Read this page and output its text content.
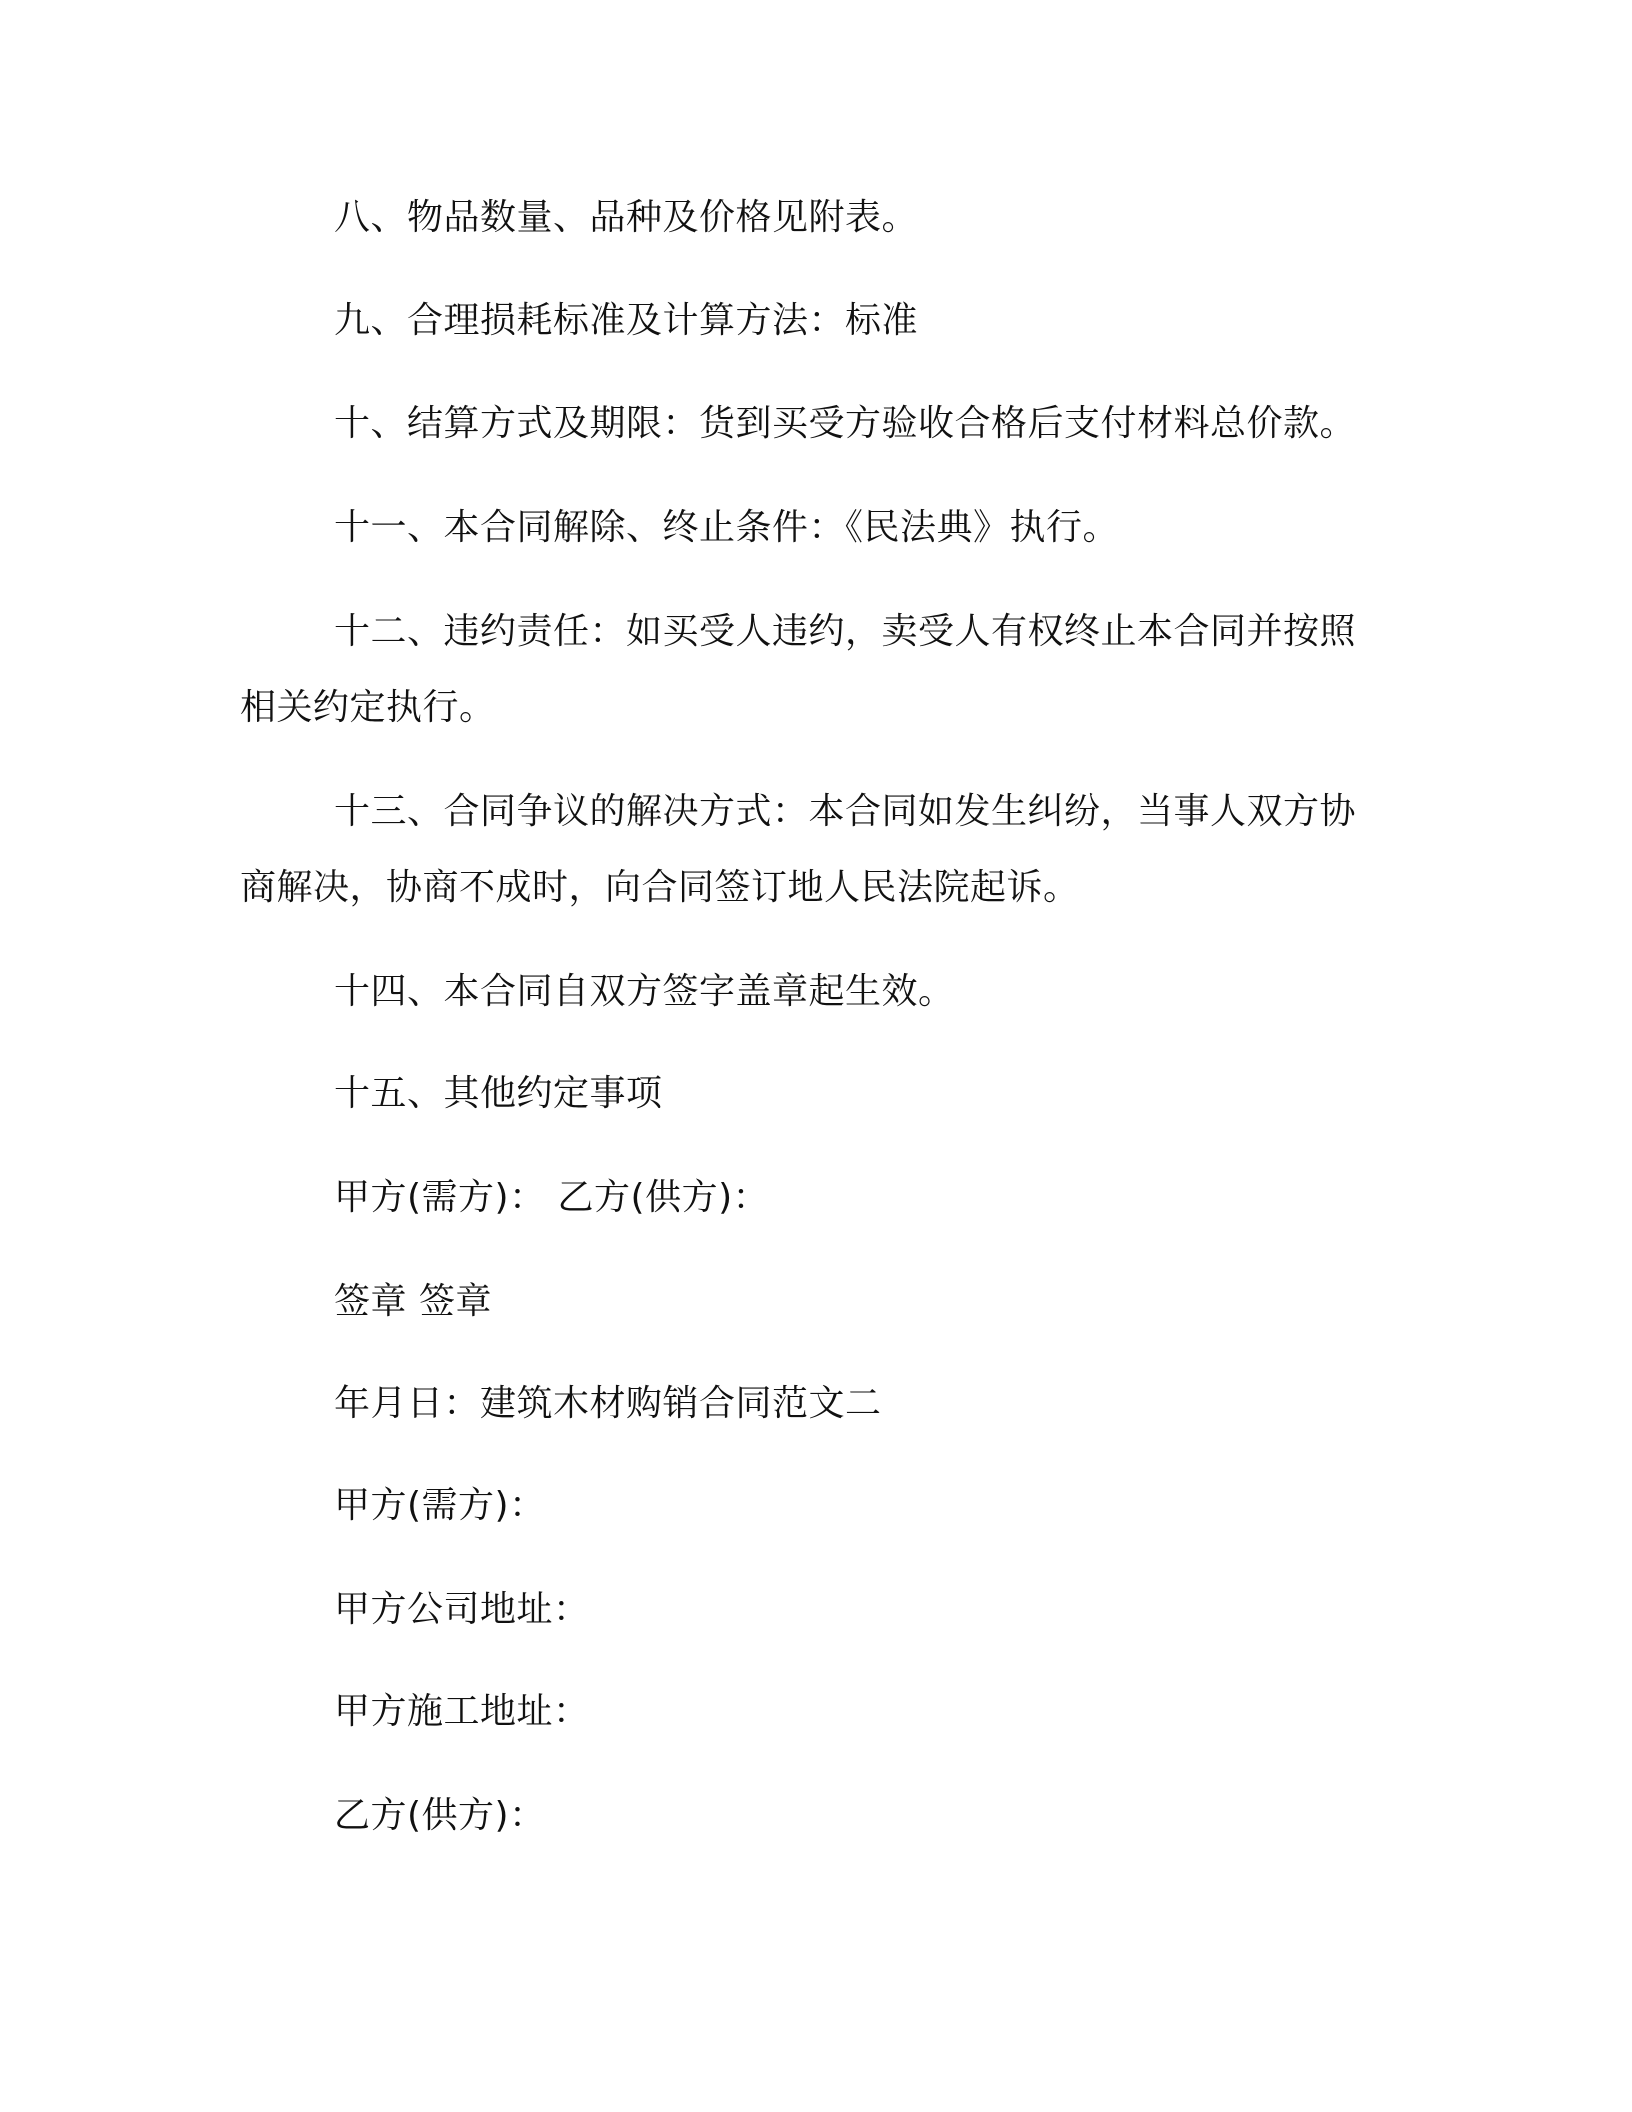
八、物品数量、品种及价格见附表。
九、合理损耗标准及计算方法：标准
十、结算方式及期限：货到买受方验收合格后支付材料总价款。
十一、本合同解除、终止条件：《民法典》执行。
十二、违约责任：如买受人违约，卖受人有权终止本合同并按照
相关约定执行。
十三、合同争议的解决方式：本合同如发生纠纷，当事人双方协
商解决，协商不成时，向合同签订地人民法院起诉。
十四、本合同自双方签字盖章起生效。
十五、其他约定事项
甲方(需方)： 乙方(供方)：
签章 签章
年月日：建筑木材购销合同范文二
甲方(需方)：
甲方公司地址：
甲方施工地址：
乙方(供方)：
